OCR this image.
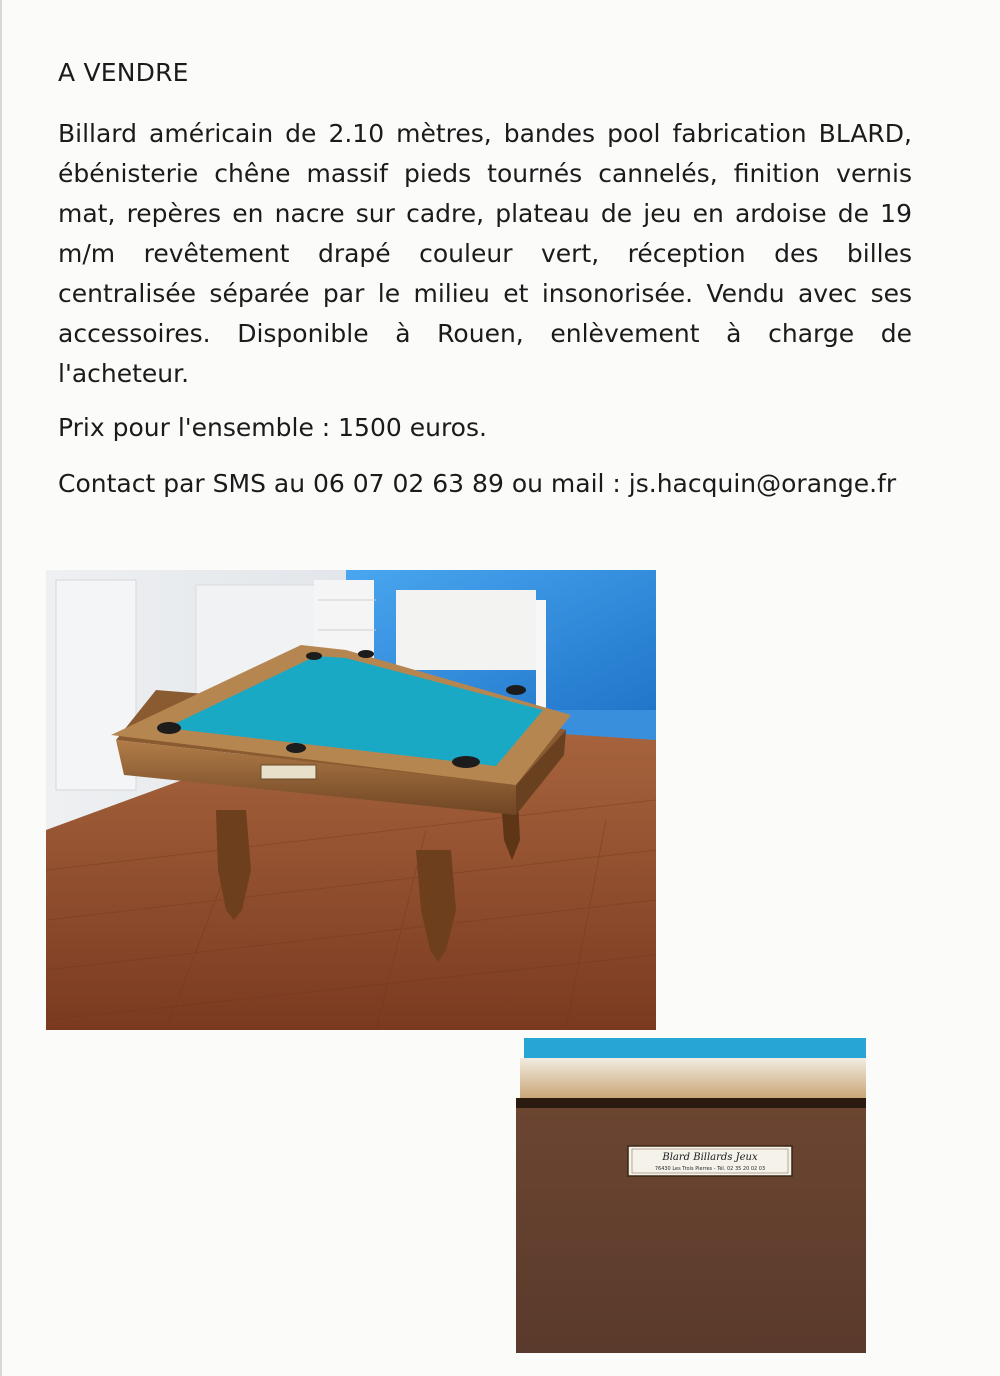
A VENDRE

Billard américain de 2.10 mètres, bandes pool fabrication BLARD, ébénisterie chêne massif pieds tournés cannelés, finition vernis mat, repères en nacre sur cadre, plateau de jeu en ardoise de 19 m/m revêtement drapé couleur vert, réception des billes centralisée séparée par le milieu et insonorisée. Vendu avec ses accessoires. Disponible à Rouen, enlèvement à charge de l'acheteur.

Prix pour l'ensemble : 1500 euros.

Contact par SMS au 06 07 02 63 89 ou mail : js.hacquin@orange.fr

Blard Billards Jeux
76430 Les Trois Pierres - Tél. 02 35 20 02 03
